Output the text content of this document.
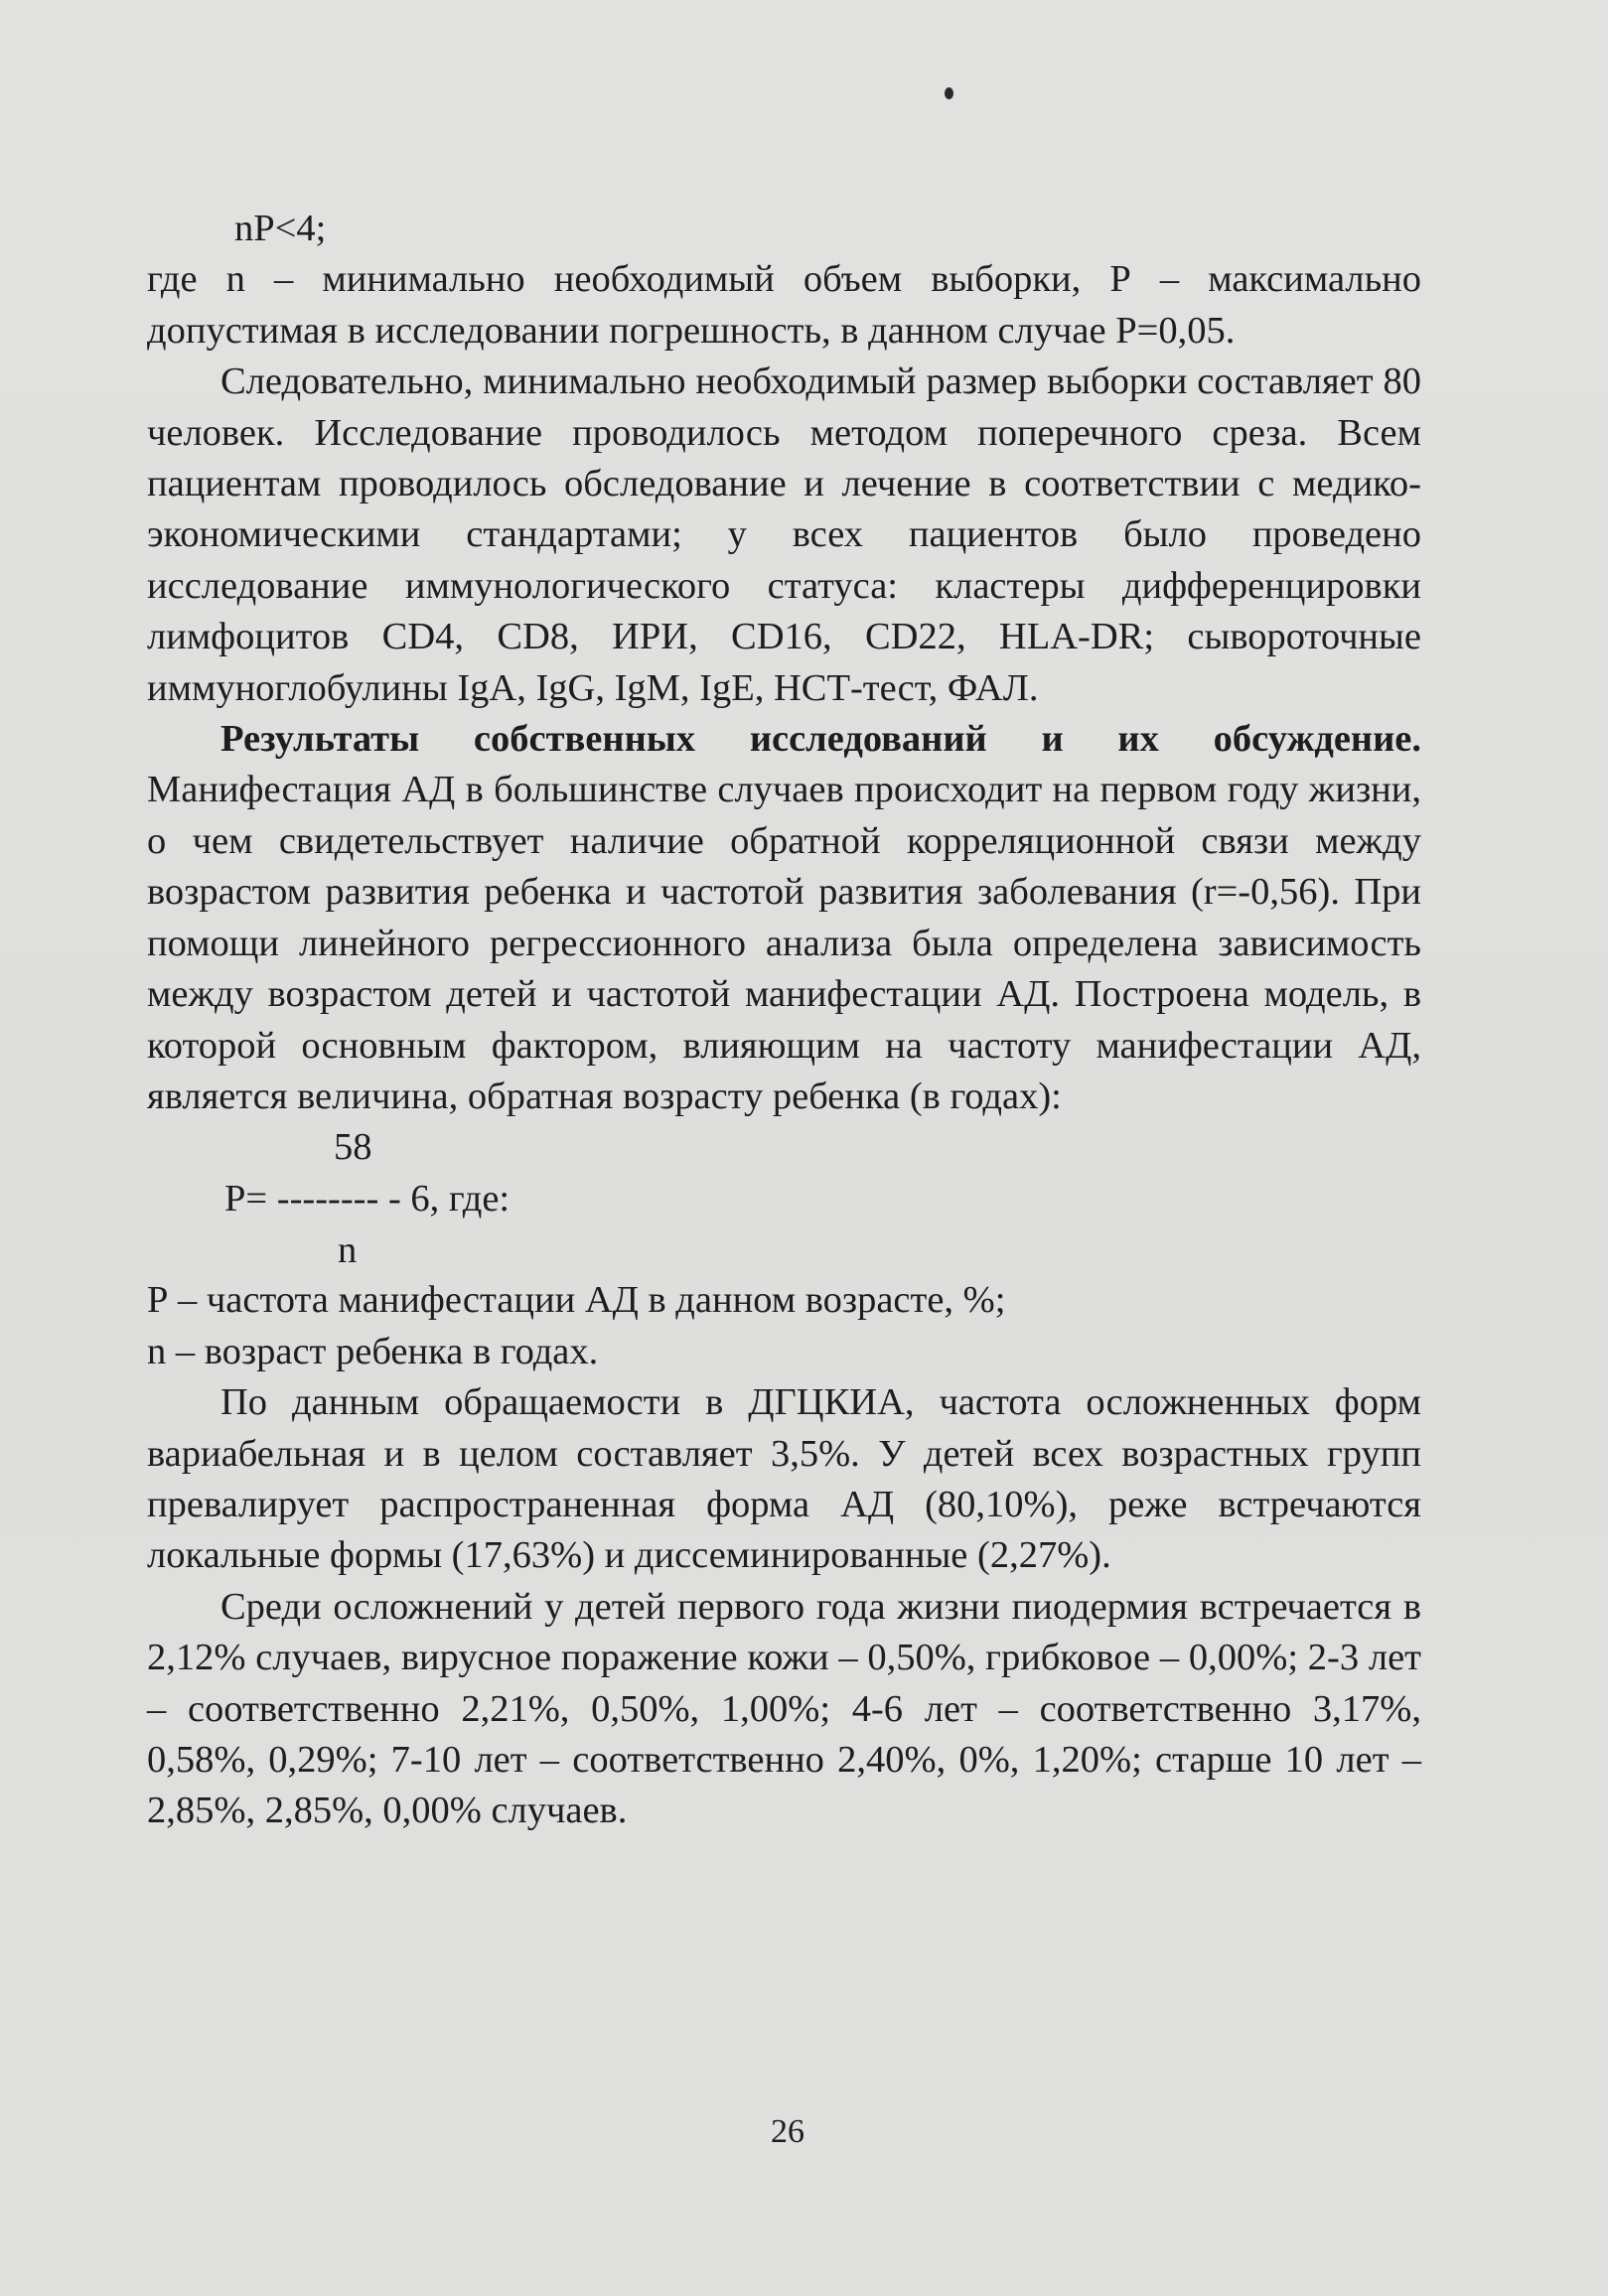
nP<4;

где n – минимально необходимый объем выборки, Р – максимально допустимая в исследовании погрешность, в данном случае Р=0,05.

Следовательно, минимально необходимый размер выборки составляет 80 человек. Исследование проводилось методом поперечного среза. Всем пациентам проводилось обследование и лечение в соответствии с медико-экономическими стандартами; у всех пациентов было проведено исследование иммунологического статуса: кластеры дифференцировки лимфоцитов CD4, CD8, ИРИ, CD16, CD22, HLA-DR; сывороточные иммуноглобулины IgA, IgG, IgM, IgE, НСТ-тест, ФАЛ.

Результаты собственных исследований и их обсуждение. Манифестация АД в большинстве случаев происходит на первом году жизни, о чем свидетельствует наличие обратной корреляционной связи между возрастом развития ребенка и частотой развития заболевания (r=-0,56). При помощи линейного регрессионного анализа была определена зависимость между возрастом детей и частотой манифестации АД. Построена модель, в которой основным фактором, влияющим на частоту манифестации АД, является величина, обратная возрасту ребенка (в годах):

58
Р= -------- - 6, где:
n

Р – частота манифестации АД в данном возрасте, %;

n – возраст ребенка в годах.

По данным обращаемости в ДГЦКИА, частота осложненных форм вариабельная и в целом составляет 3,5%. У детей всех возрастных групп превалирует распространенная форма АД (80,10%), реже встречаются локальные формы (17,63%) и диссеминированные (2,27%).

Среди осложнений у детей первого года жизни пиодермия встречается в 2,12% случаев, вирусное поражение кожи – 0,50%, грибковое – 0,00%; 2-3 лет – соответственно 2,21%, 0,50%, 1,00%; 4-6 лет – соответственно 3,17%, 0,58%, 0,29%; 7-10 лет – соответственно 2,40%, 0%, 1,20%; старше 10 лет – 2,85%, 2,85%, 0,00% случаев.

26
